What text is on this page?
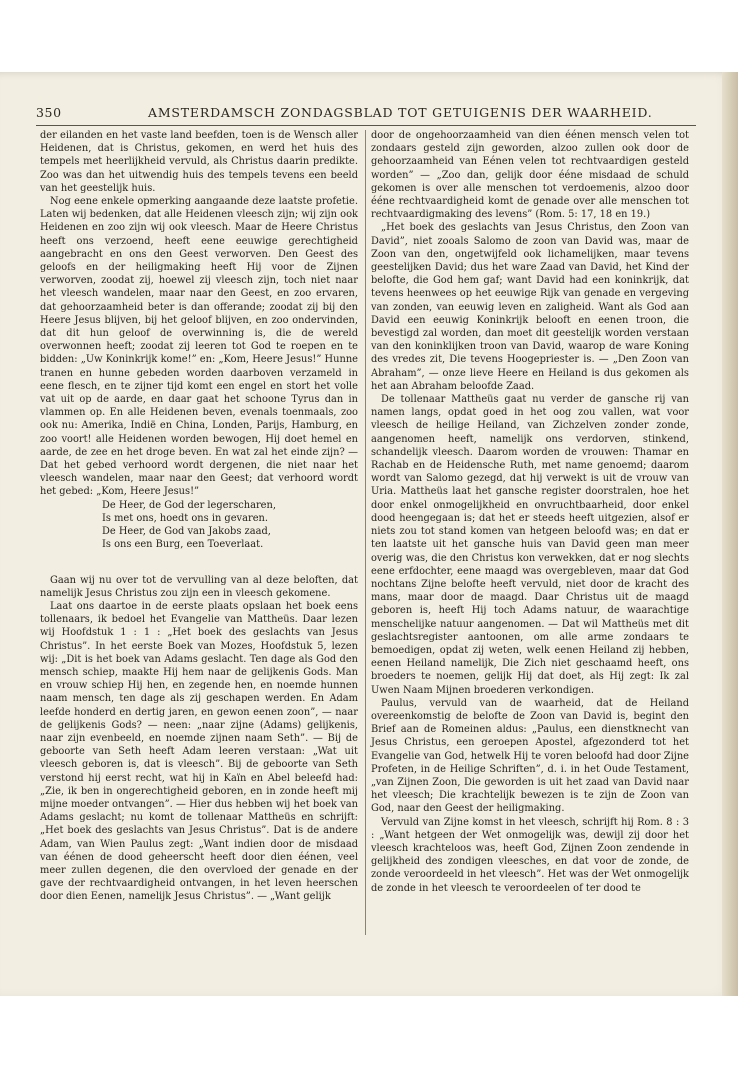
350	AMSTERDAMSCH ZONDAGSBLAD TOT GETUIGENIS DER WAARHEID.

der eilanden en het vaste land beefden, toen is de Wensch aller Heidenen, dat is Christus, gekomen, en werd het huis des tempels met heerlijkheid vervuld, als Christus daarin predikte. Zoo was dan het uitwendig huis des tempels tevens een beeld van het geestelijk huis.

Nog eene enkele opmerking aangaande deze laatste profetie. Laten wij bedenken, dat alle Heidenen vleesch zijn; wij zijn ook Heidenen en zoo zijn wij ook vleesch. Maar de Heere Christus heeft ons verzoend, heeft eene eeuwige gerechtigheid aangebracht en ons den Geest verworven. Den Geest des geloofs en der heiligmaking heeft Hij voor de Zijnen verworven, zoodat zij, hoewel zij vleesch zijn, toch niet naar het vleesch wandelen, maar naar den Geest, en zoo ervaren, dat gehoorzaamheid beter is dan offerande; zoodat zij bij den Heere Jesus blijven, bij het geloof blijven, en zoo ondervinden, dat dit hun geloof de overwinning is, die de wereld overwonnen heeft; zoodat zij leeren tot God te roepen en te bidden: „Uw Koninkrijk kome!” en: „Kom, Heere Jesus!” Hunne tranen en hunne gebeden worden daarboven verzameld in eene flesch, en te zijner tijd komt een engel en stort het volle vat uit op de aarde, en daar gaat het schoone Tyrus dan in vlammen op. En alle Heidenen beven, evenals toenmaals, zoo ook nu: Amerika, Indië en China, Londen, Parijs, Hamburg, en zoo voort! alle Heidenen worden bewogen, Hij doet hemel en aarde, de zee en het droge beven. En wat zal het einde zijn? — Dat het gebed verhoord wordt dergenen, die niet naar het vleesch wandelen, maar naar den Geest; dat verhoord wordt het gebed: „Kom, Heere Jesus!”

De Heer, de God der legerscharen,
Is met ons, hoedt ons in gevaren.
De Heer, de God van Jakobs zaad,
Is ons een Burg, een Toeverlaat.

Gaan wij nu over tot de vervulling van al deze beloften, dat namelijk Jesus Christus zou zijn een in vleesch gekomene.

Laat ons daartoe in de eerste plaats opslaan het boek eens tollenaars, ik bedoel het Evangelie van Mattheüs. Daar lezen wij Hoofdstuk 1 : 1 : „Het boek des geslachts van Jesus Christus”. In het eerste Boek van Mozes, Hoofdstuk 5, lezen wij: „Dit is het boek van Adams geslacht. Ten dage als God den mensch schiep, maakte Hij hem naar de gelijkenis Gods. Man en vrouw schiep Hij hen, en zegende hen, en noemde hunnen naam mensch, ten dage als zij geschapen werden. En Adam leefde honderd en dertig jaren, en gewon eenen zoon”, — naar de gelijkenis Gods? — neen: „naar zijne (Adams) gelijkenis, naar zijn evenbeeld, en noemde zijnen naam Seth”. — Bij de geboorte van Seth heeft Adam leeren verstaan: „Wat uit vleesch geboren is, dat is vleesch”. Bij de geboorte van Seth verstond hij eerst recht, wat hij in Kaïn en Abel beleefd had: „Zie, ik ben in ongerechtigheid geboren, en in zonde heeft mij mijne moeder ontvangen”. — Hier dus hebben wij het boek van Adams geslacht; nu komt de tollenaar Mattheüs en schrijft: „Het boek des geslachts van Jesus Christus”. Dat is de andere Adam, van Wien Paulus zegt: „Want indien door de misdaad van éénen de dood geheerscht heeft door dien éénen, veel meer zullen degenen, die den overvloed der genade en der gave der rechtvaardigheid ontvangen, in het leven heerschen door dien Eenen, namelijk Jesus Christus”. — „Want gelijk

door de ongehoorzaamheid van dien éénen mensch velen tot zondaars gesteld zijn geworden, alzoo zullen ook door de gehoorzaamheid van Eénen velen tot rechtvaardigen gesteld worden” — „Zoo dan, gelijk door ééne misdaad de schuld gekomen is over alle menschen tot verdoemenis, alzoo door ééne rechtvaardigheid komt de genade over alle menschen tot rechtvaardigmaking des levens” (Rom. 5: 17, 18 en 19.)

„Het boek des geslachts van Jesus Christus, den Zoon van David”, niet zooals Salomo de zoon van David was, maar de Zoon van den, ongetwijfeld ook lichamelijken, maar tevens geestelijken David; dus het ware Zaad van David, het Kind der belofte, die God hem gaf; want David had een koninkrijk, dat tevens heenwees op het eeuwige Rijk van genade en vergeving van zonden, van eeuwig leven en zaligheid. Want als God aan David een eeuwig Koninkrijk belooft en eenen troon, die bevestigd zal worden, dan moet dit geestelijk worden verstaan van den koninklijken troon van David, waarop de ware Koning des vredes zit, Die tevens Hoogepriester is. — „Den Zoon van Abraham”, — onze lieve Heere en Heiland is dus gekomen als het aan Abraham beloofde Zaad.

De tollenaar Mattheüs gaat nu verder de gansche rij van namen langs, opdat goed in het oog zou vallen, wat voor vleesch de heilige Heiland, van Zichzelven zonder zonde, aangenomen heeft, namelijk ons verdorven, stinkend, schandelijk vleesch. Daarom worden de vrouwen: Thamar en Rachab en de Heidensche Ruth, met name genoemd; daarom wordt van Salomo gezegd, dat hij verwekt is uit de vrouw van Uria. Mattheüs laat het gansche register doorstralen, hoe het door enkel onmogelijkheid en onvruchtbaarheid, door enkel dood heengegaan is; dat het er steeds heeft uitgezien, alsof er niets zou tot stand komen van hetgeen beloofd was; en dat er ten laatste uit het gansche huis van David geen man meer overig was, die den Christus kon verwekken, dat er nog slechts eene erfdochter, eene maagd was overgebleven, maar dat God nochtans Zijne belofte heeft vervuld, niet door de kracht des mans, maar door de maagd. Daar Christus uit de maagd geboren is, heeft Hij toch Adams natuur, de waarachtige menschelijke natuur aangenomen. — Dat wil Mattheüs met dit geslachtsregister aantoonen, om alle arme zondaars te bemoedigen, opdat zij weten, welk eenen Heiland zij hebben, eenen Heiland namelijk, Die Zich niet geschaamd heeft, ons broeders te noemen, gelijk Hij dat doet, als Hij zegt: Ik zal Uwen Naam Mijnen broederen verkondigen.

Paulus, vervuld van de waarheid, dat de Heiland overeenkomstig de belofte de Zoon van David is, begint den Brief aan de Romeinen aldus: „Paulus, een dienstknecht van Jesus Christus, een geroepen Apostel, afgezonderd tot het Evangelie van God, hetwelk Hij te voren beloofd had door Zijne Profeten, in de Heilige Schriften”, d. i. in het Oude Testament, „van Zijnen Zoon, Die geworden is uit het zaad van David naar het vleesch; Die krachtelijk bewezen is te zijn de Zoon van God, naar den Geest der heiligmaking.

Vervuld van Zijne komst in het vleesch, schrijft hij Rom. 8 : 3 : „Want hetgeen der Wet onmogelijk was, dewijl zij door het vleesch krachteloos was, heeft God, Zijnen Zoon zendende in gelijkheid des zondigen vleesches, en dat voor de zonde, de zonde veroordeeld in het vleesch”. Het was der Wet onmogelijk de zonde in het vleesch te veroordeelen of ter dood te
